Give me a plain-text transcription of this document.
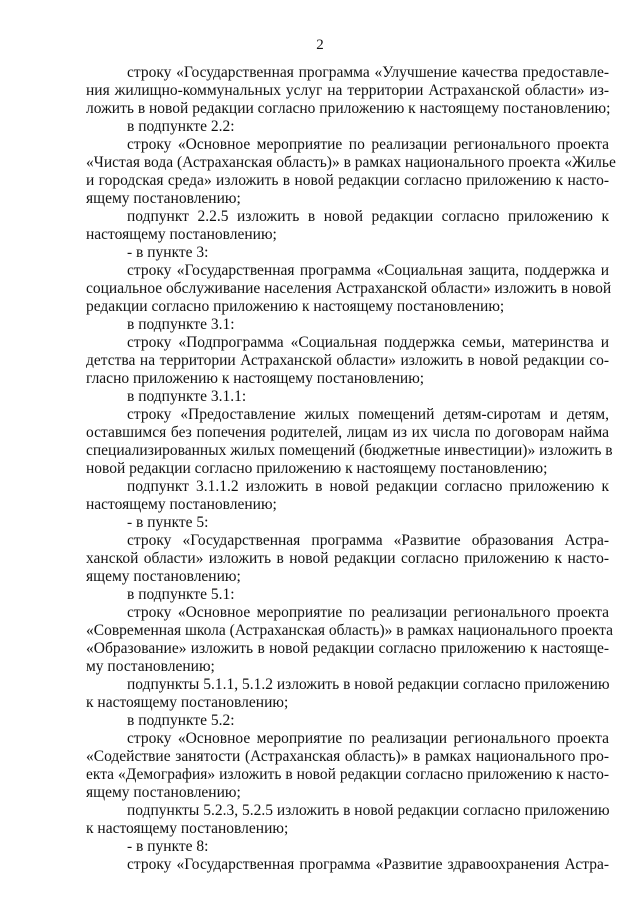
2
строку «Государственная программа «Улучшение качества предоставле-
ния жилищно-коммунальных услуг на территории Астраханской области» из-
ложить в новой редакции согласно приложению к настоящему постановлению;
в подпункте 2.2:
строку «Основное мероприятие по реализации регионального проекта
«Чистая вода (Астраханская область)» в рамках национального проекта «Жилье
и городская среда» изложить в новой редакции согласно приложению к насто-
ящему постановлению;
подпункт 2.2.5 изложить в новой редакции согласно приложению к
настоящему постановлению;
- в пункте 3:
строку «Государственная программа «Социальная защита, поддержка и
социальное обслуживание населения Астраханской области» изложить в новой
редакции согласно приложению к настоящему постановлению;
в подпункте 3.1:
строку «Подпрограмма «Социальная поддержка семьи, материнства и
детства на территории Астраханской области» изложить в новой редакции со-
гласно приложению к настоящему постановлению;
в подпункте 3.1.1:
строку «Предоставление жилых помещений детям-сиротам и детям,
оставшимся без попечения родителей, лицам из их числа по договорам найма
специализированных жилых помещений (бюджетные инвестиции)» изложить в
новой редакции согласно приложению к настоящему постановлению;
подпункт 3.1.1.2 изложить в новой редакции согласно приложению к
настоящему постановлению;
- в пункте 5:
строку «Государственная программа «Развитие образования Астра-
ханской области» изложить в новой редакции согласно приложению к насто-
ящему постановлению;
в подпункте 5.1:
строку «Основное мероприятие по реализации регионального проекта
«Современная школа (Астраханская область)» в рамках национального проекта
«Образование» изложить в новой редакции согласно приложению к настояще-
му постановлению;
подпункты 5.1.1, 5.1.2 изложить в новой редакции согласно приложению
к настоящему постановлению;
в подпункте 5.2:
строку «Основное мероприятие по реализации регионального проекта
«Содействие занятости (Астраханская область)» в рамках национального про-
екта «Демография» изложить в новой редакции согласно приложению к насто-
ящему постановлению;
подпункты 5.2.3, 5.2.5 изложить в новой редакции согласно приложению
к настоящему постановлению;
- в пункте 8:
строку «Государственная программа «Развитие здравоохранения Астра-
